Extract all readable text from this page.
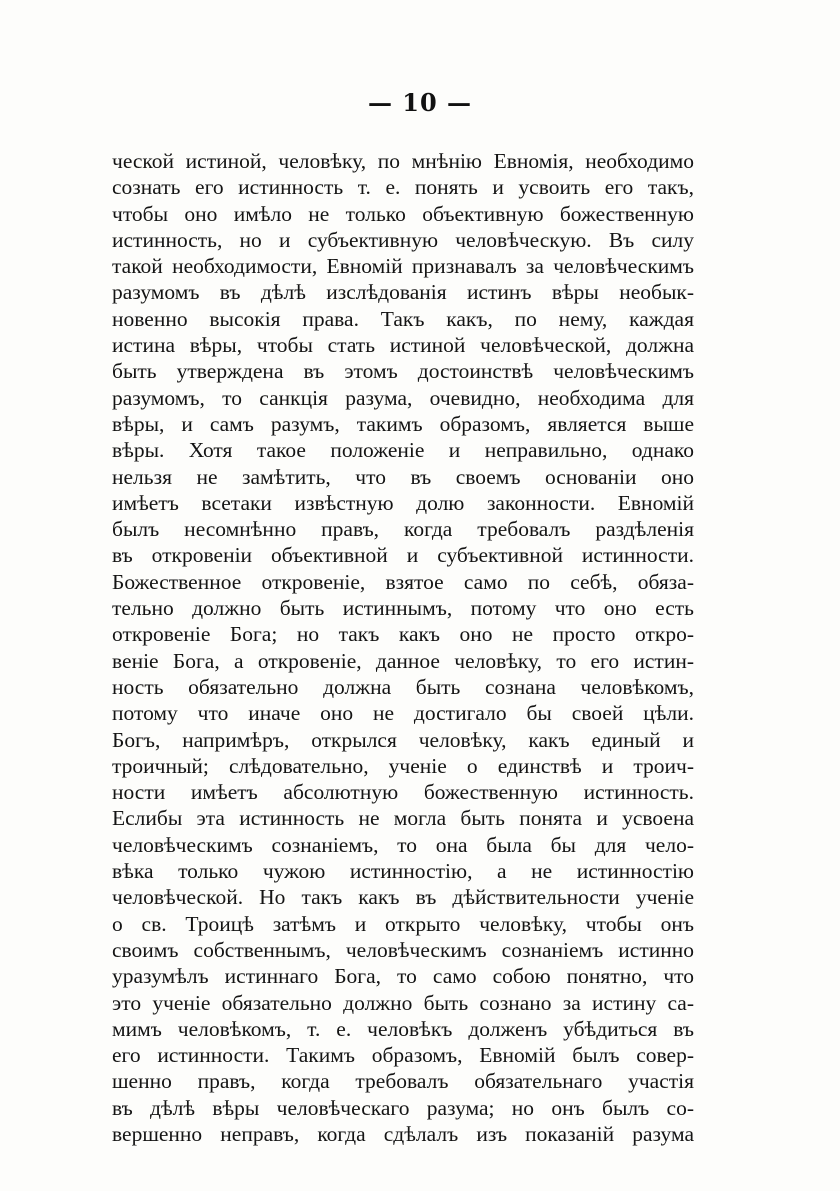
— 10 —
ческой истиной, человѣку, по мнѣнію Евномія, необходимо
сознать его истинность т. е. понять и усвоить его такъ,
чтобы оно имѣло не только объективную божественную
истинность, но и субъективную человѣческую. Въ силу
такой необходимости, Евномій признавалъ за человѣческимъ
разумомъ въ дѣлѣ изслѣдованія истинъ вѣры необык-
новенно высокія права. Такъ какъ, по нему, каждая
истина вѣры, чтобы стать истиной человѣческой, должна
быть утверждена въ этомъ достоинствѣ человѣческимъ
разумомъ, то санкція разума, очевидно, необходима для
вѣры, и самъ разумъ, такимъ образомъ, является выше
вѣры. Хотя такое положеніе и неправильно, однако
нельзя не замѣтить, что въ своемъ основаніи оно
имѣетъ всетаки извѣстную долю законности. Евномій
былъ несомнѣнно правъ, когда требовалъ раздѣленія
въ откровеніи объективной и субъективной истинности.
Божественное откровеніе, взятое само по себѣ, обяза-
тельно должно быть истиннымъ, потому что оно есть
откровеніе Бога; но такъ какъ оно не просто откро-
веніе Бога, а откровеніе, данное человѣку, то его истин-
ность обязательно должна быть сознана человѣкомъ,
потому что иначе оно не достигало бы своей цѣли.
Богъ, напримѣръ, открылся человѣку, какъ единый и
троичный; слѣдовательно, ученіе о единствѣ и троич-
ности имѣетъ абсолютную божественную истинность.
Еслибы эта истинность не могла быть понята и усвоена
человѣческимъ сознаніемъ, то она была бы для чело-
вѣка только чужою истинностію, а не истинностію
человѣческой. Но такъ какъ въ дѣйствительности ученіе
о св. Троицѣ затѣмъ и открыто человѣку, чтобы онъ
своимъ собственнымъ, человѣческимъ сознаніемъ истинно
уразумѣлъ истиннаго Бога, то само собою понятно, что
это ученіе обязательно должно быть сознано за истину са-
мимъ человѣкомъ, т. е. человѣкъ долженъ убѣдиться въ
его истинности. Такимъ образомъ, Евномій былъ совер-
шенно правъ, когда требовалъ обязательнаго участія
въ дѣлѣ вѣры человѣческаго разума; но онъ былъ со-
вершенно неправъ, когда сдѣлалъ изъ показаній разума
